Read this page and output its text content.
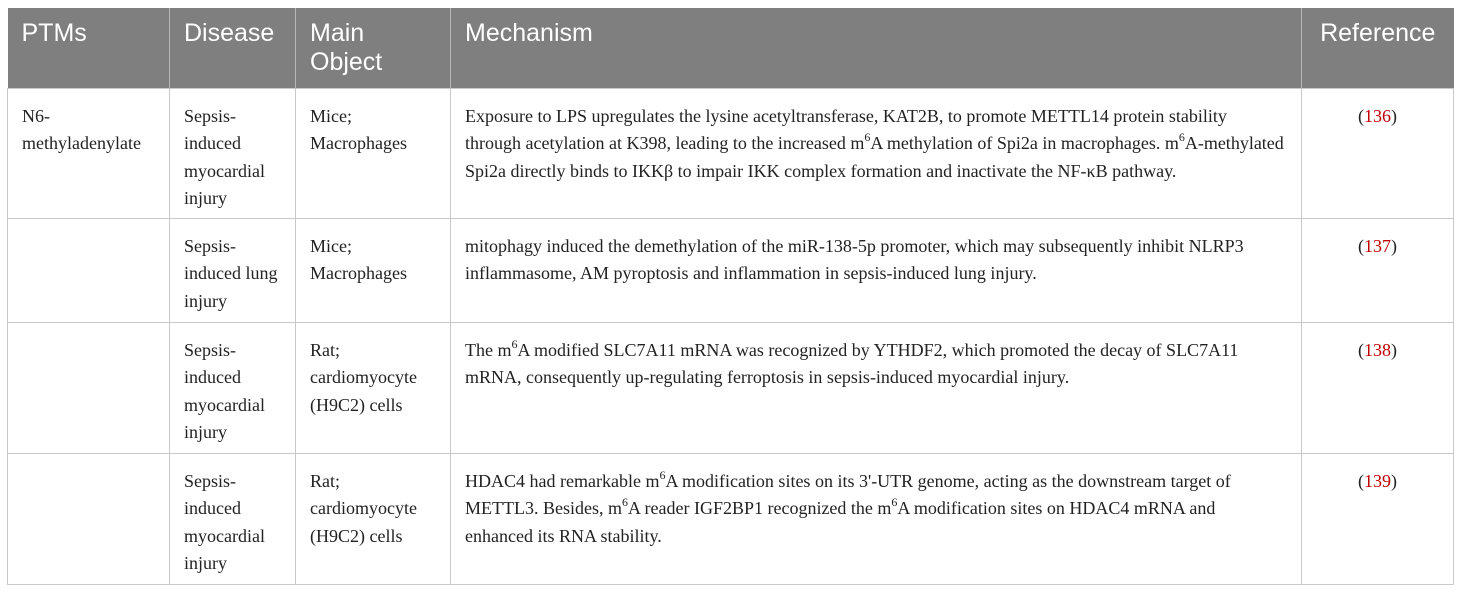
PTMs	Disease	Main Object	Mechanism	Reference
N6-methyladenylate	Sepsis-induced myocardial injury	Mice; Macrophages	Exposure to LPS upregulates the lysine acetyltransferase, KAT2B, to promote METTL14 protein stability through acetylation at K398, leading to the increased $m^6A$ methylation of Spi2a in macrophages. $m^6A$-methylated Spi2a directly binds to IKKβ to impair IKK complex formation and inactivate the NF-κB pathway.	(136)
	Sepsis-induced lung injury	Mice; Macrophages	mitophagy induced the demethylation of the miR-138-5p promoter, which may subsequently inhibit NLRP3 inflammasome, AM pyroptosis and inflammation in sepsis-induced lung injury.	(137)
	Sepsis-induced myocardial injury	Rat; cardiomyocyte (H9C2) cells	The $m^6A$ modified SLC7A11 mRNA was recognized by YTHDF2, which promoted the decay of SLC7A11 mRNA, consequently up-regulating ferroptosis in sepsis-induced myocardial injury.	(138)
	Sepsis-induced myocardial injury	Rat; cardiomyocyte (H9C2) cells	HDAC4 had remarkable $m^6A$ modification sites on its 3'-UTR genome, acting as the downstream target of METTL3. Besides, $m^6A$ reader IGF2BP1 recognized the $m^6A$ modification sites on HDAC4 mRNA and enhanced its RNA stability.	(139)
